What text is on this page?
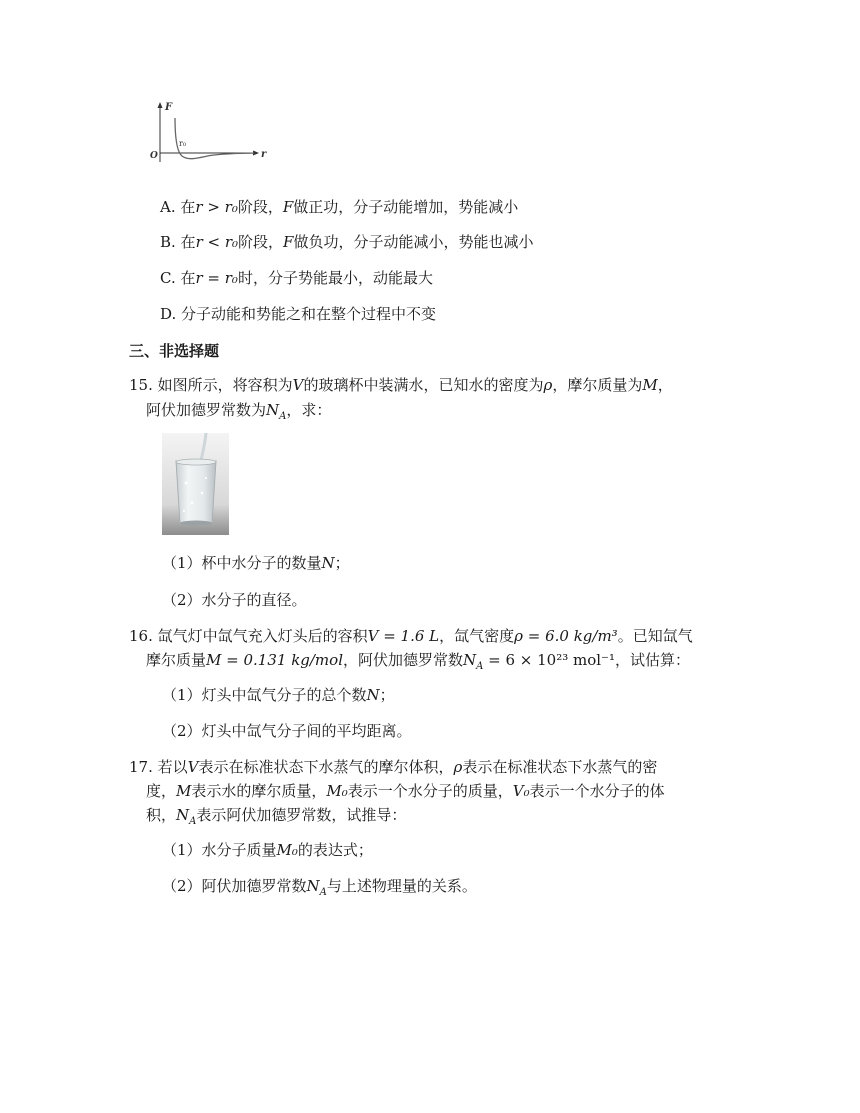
F
r
O
r₀
A. 在r > r₀阶段，F做正功，分子动能增加，势能减小
B. 在r < r₀阶段，F做负功，分子动能减小，势能也减小
C. 在r = r₀时，分子势能最小，动能最大
D. 分子动能和势能之和在整个过程中不变
三、非选择题
15. 如图所示，将容积为V的玻璃杯中装满水，已知水的密度为ρ，摩尔质量为M，
阿伏加德罗常数为$N_A$，求：
（1）杯中水分子的数量N；
（2）水分子的直径。
16. 氙气灯中氙气充入灯头后的容积V = 1.6 L，氙气密度ρ = 6.0 kg/m³。已知氙气
摩尔质量M = 0.131 kg/mol，阿伏加德罗常数$N_A = 6 \times 10^{23}$ mol⁻¹，试估算：
（1）灯头中氙气分子的总个数N；
（2）灯头中氙气分子间的平均距离。
17. 若以V表示在标准状态下水蒸气的摩尔体积，ρ表示在标准状态下水蒸气的密
度，M表示水的摩尔质量，M₀表示一个水分子的质量，V₀表示一个水分子的体
积，$N_A$表示阿伏加德罗常数，试推导：
（1）水分子质量M₀的表达式；
（2）阿伏加德罗常数$N_A$与上述物理量的关系。
